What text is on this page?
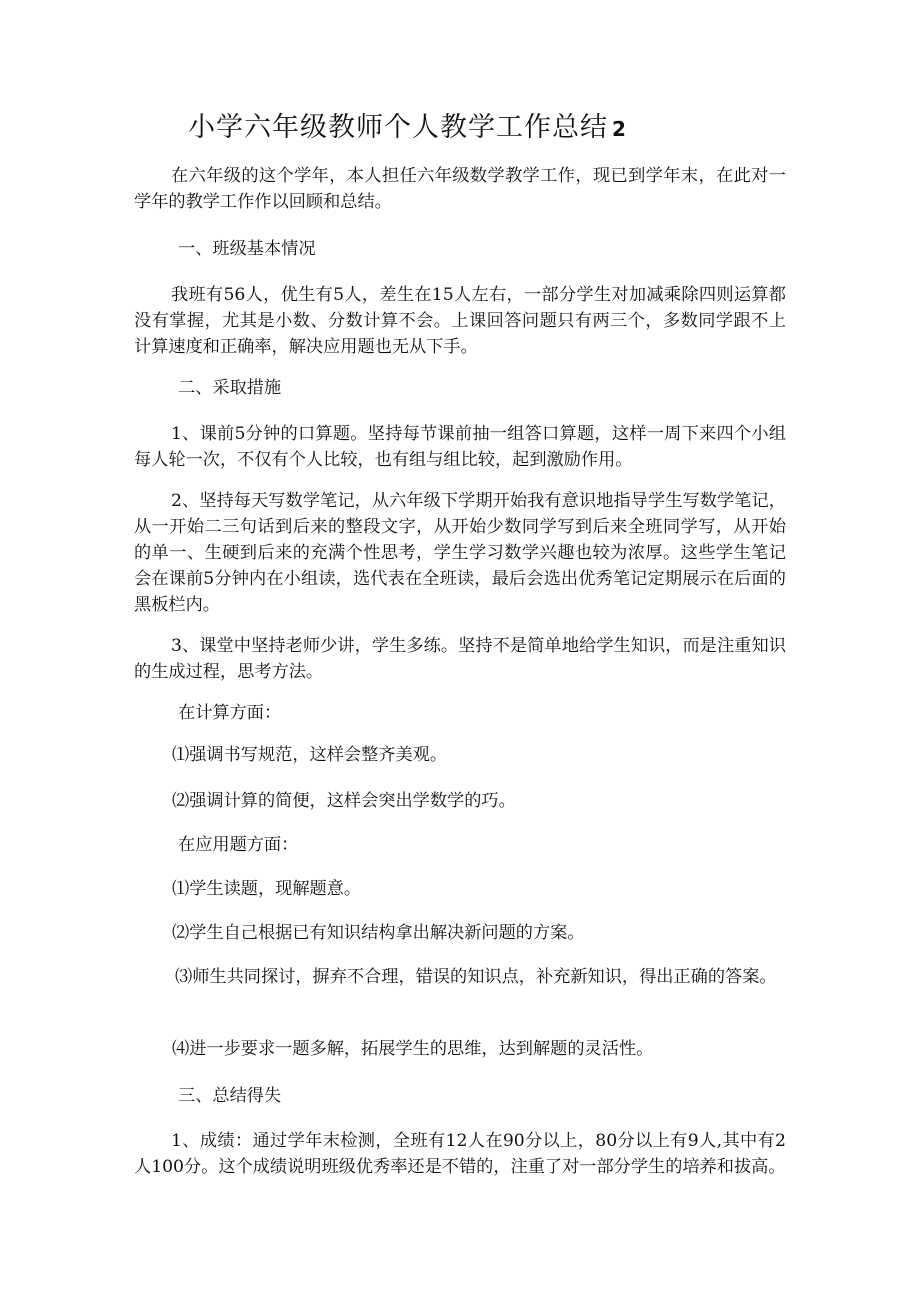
小学六年级教师个人教学工作总结 2

在六年级的这个学年，本人担任六年级数学教学工作，现已到学年末，在此对一学年的教学工作作以回顾和总结。

一、班级基本情况

我班有56人，优生有5人，差生在15人左右，一部分学生对加减乘除四则运算都没有掌握，尤其是小数、分数计算不会。上课回答问题只有两三个，多数同学跟不上计算速度和正确率，解决应用题也无从下手。

二、采取措施

1、课前5分钟的口算题。坚持每节课前抽一组答口算题，这样一周下来四个小组每人轮一次，不仅有个人比较，也有组与组比较，起到激励作用。

2、坚持每天写数学笔记，从六年级下学期开始我有意识地指导学生写数学笔记，从一开始二三句话到后来的整段文字，从开始少数同学写到后来全班同学写，从开始的单一、生硬到后来的充满个性思考，学生学习数学兴趣也较为浓厚。这些学生笔记会在课前5分钟内在小组读，选代表在全班读，最后会选出优秀笔记定期展示在后面的黑板栏内。

3、课堂中坚持老师少讲，学生多练。坚持不是简单地给学生知识，而是注重知识的生成过程，思考方法。

在计算方面：

⑴强调书写规范，这样会整齐美观。

⑵强调计算的简便，这样会突出学数学的巧。

在应用题方面：

⑴学生读题，现解题意。

⑵学生自己根据已有知识结构拿出解决新问题的方案。

⑶师生共同探讨，摒弃不合理，错误的知识点，补充新知识，得出正确的答案。

⑷进一步要求一题多解，拓展学生的思维，达到解题的灵活性。

三、总结得失

1、成绩：通过学年末检测，全班有12人在90分以上，80分以上有9人,其中有2人100分。这个成绩说明班级优秀率还是不错的，注重了对一部分学生的培养和拔高。
